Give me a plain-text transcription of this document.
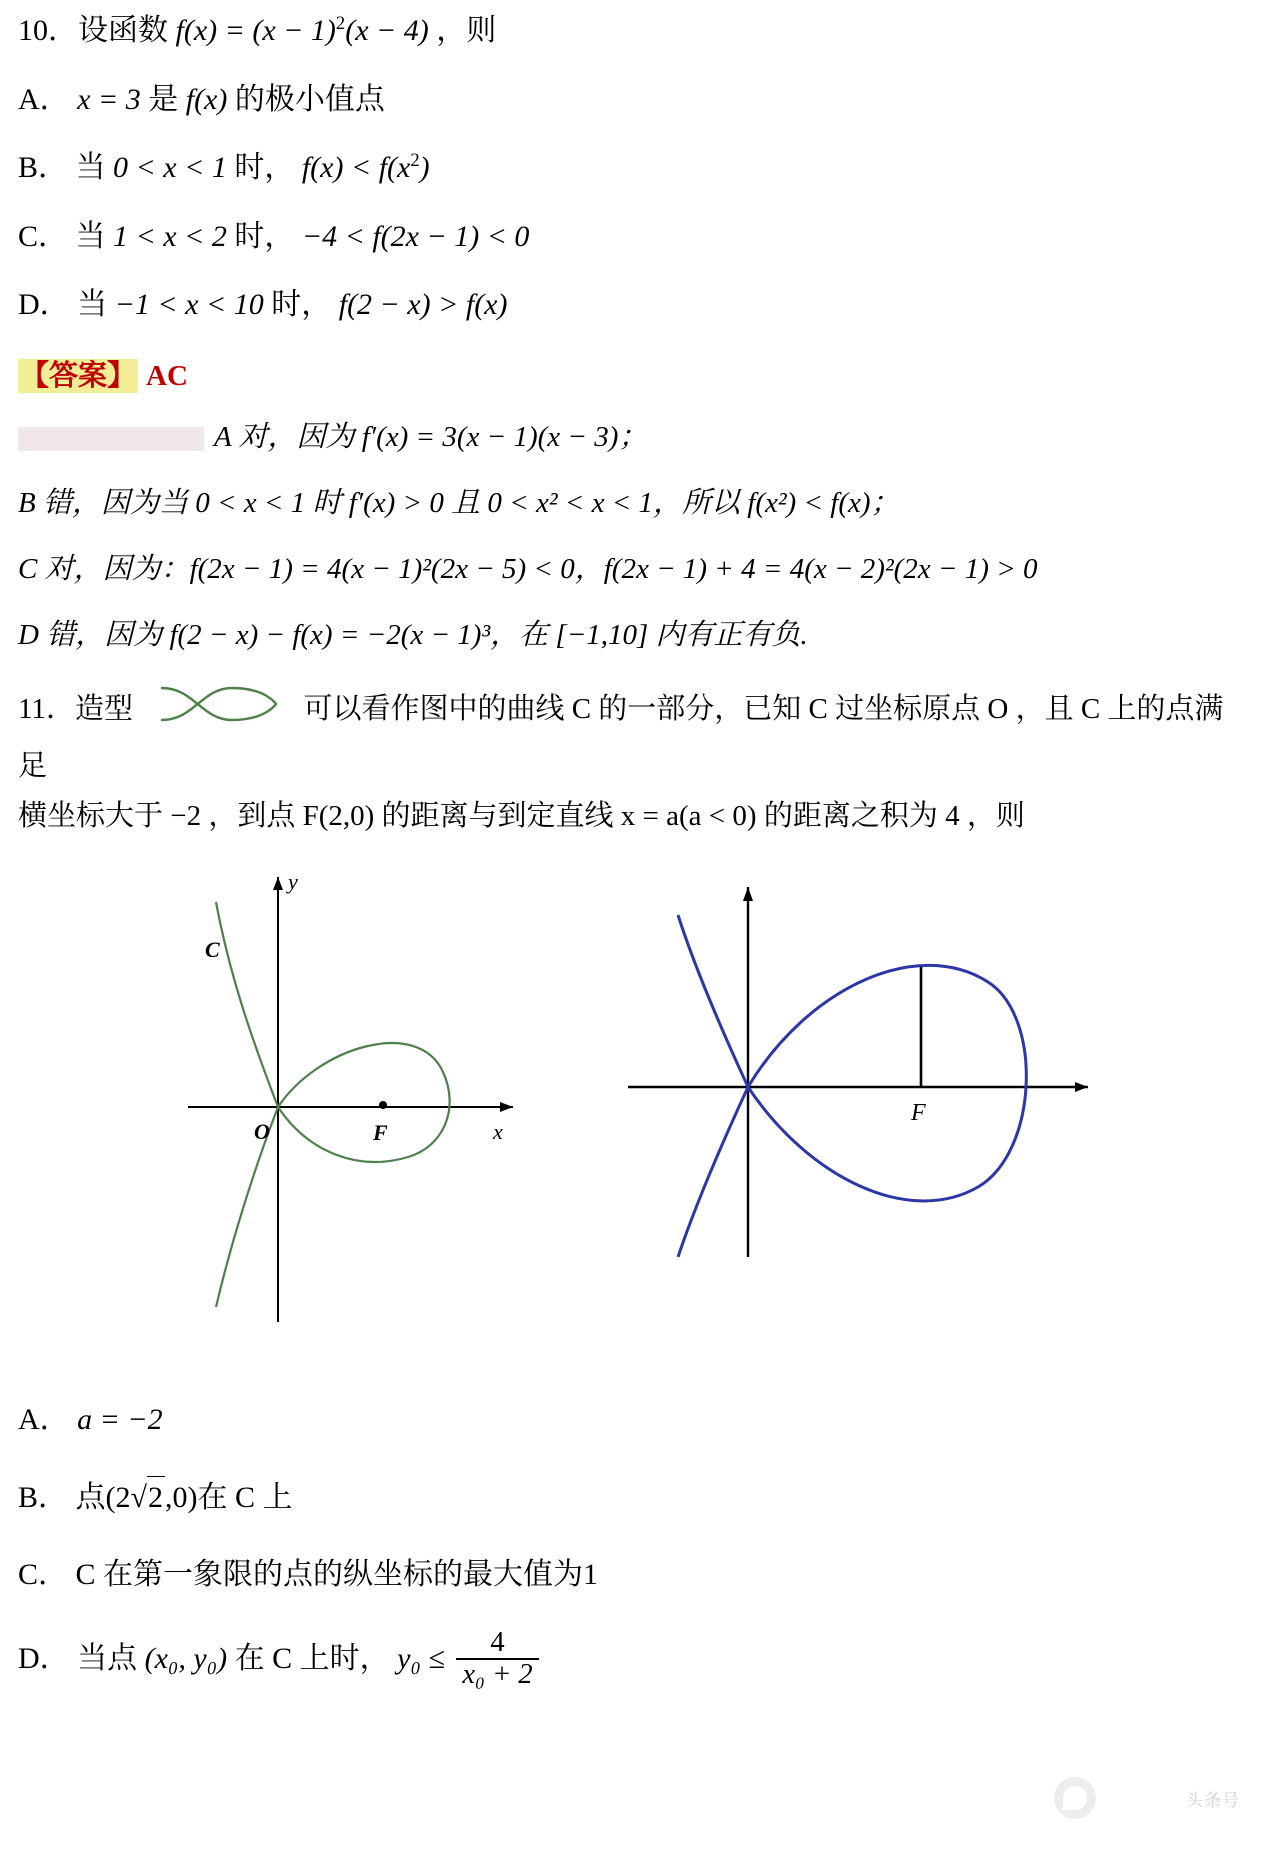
10．设函数 $f(x) = (x - 1)^2(x - 4)$ ，则
A． x = 3 是 f(x) 的极小值点
B． 当 0 < x < 1 时， $f(x) < f(x^2)$
C． 当 1 < x < 2 时， −4 < f(2x − 1) < 0
D． 当 −1 < x < 10 时， f(2 − x) > f(x)
【答案】 AC
A 对，因为 f′(x) = 3(x − 1)(x − 3)；
B 错，因为当 0 < x < 1 时 f′(x) > 0 且 0 < x² < x < 1，所以 f(x²) < f(x)；
C 对，因为：f(2x − 1) = 4(x − 1)²(2x − 5) < 0，f(2x − 1) + 4 = 4(x − 2)²(2x − 1) > 0
D 错，因为 f(2 − x) − f(x) = −2(x − 1)³，在 [−1,10] 内有正有负.
11．造型	可以看作图中的曲线 C 的一部分，已知 C 过坐标原点 O ，且 C 上的点满足
横坐标大于 −2 ，到点 F(2,0) 的距离与到定直线 x = a(a < 0) 的距离之积为 4 ，则
C
O	F	x
y
F
A． a = −2
B． 点(2√2,0)在 C 上
C． C 在第一象限的点的纵坐标的最大值为1
D． 当点 (x₀, y₀) 在 C 上时， $y_0 \le \frac{4}{\text{x₀ + 2}}$
头条号
